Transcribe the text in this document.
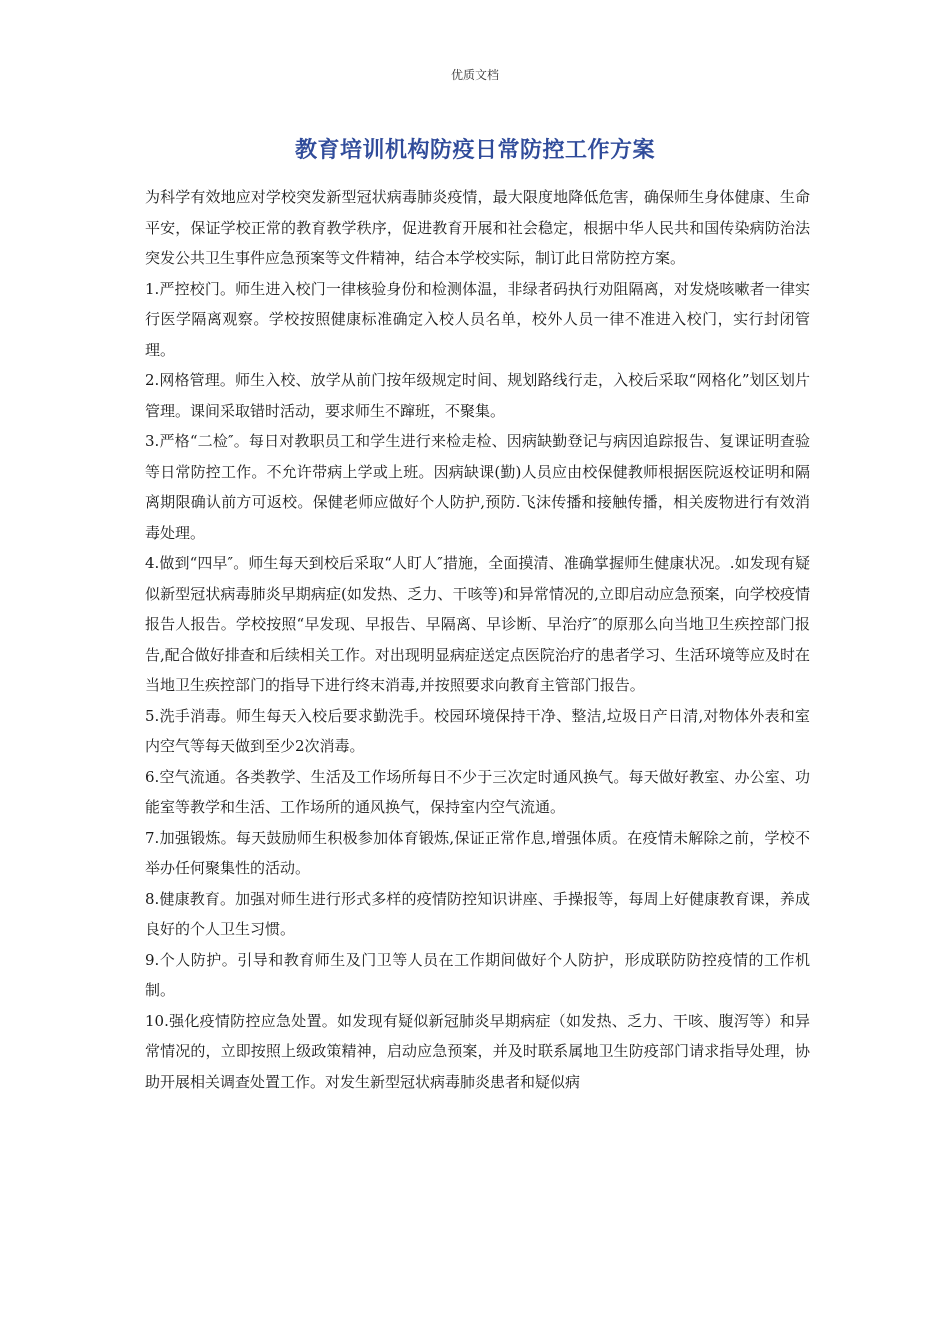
优质文档
教育培训机构防疫日常防控工作方案

为科学有效地应对学校突发新型冠状病毒肺炎疫情，最大限度地降低危害，确保师生身体健康、生命平安，保证学校正常的教育教学秩序，促进教育开展和社会稳定，根据中华人民共和国传染病防治法突发公共卫生事件应急预案等文件精神，结合本学校实际，制订此日常防控方案。

1.严控校门。师生进入校门一律核验身份和检测体温，非绿者码执行劝阻隔离，对发烧咳嗽者一律实行医学隔离观察。学校按照健康标准确定入校人员名单，校外人员一律不准进入校门，实行封闭管理。

2.网格管理。师生入校、放学从前门按年级规定时间、规划路线行走，入校后采取“网格化”划区划片管理。课间采取错时活动，要求师生不蹿班，不聚集。

3.严格“二检″。每日对教职员工和学生进行来检走检、因病缺勤登记与病因追踪报告、复课证明查验等日常防控工作。不允许带病上学或上班。因病缺课(勤)人员应由校保健教师根据医院返校证明和隔离期限确认前方可返校。保健老师应做好个人防护,预防.飞沫传播和接触传播，相关废物进行有效消毒处理。

4.做到“四早″。师生每天到校后采取“人盯人″措施，全面摸清、准确掌握师生健康状况。.如发现有疑似新型冠状病毒肺炎早期病症(如发热、乏力、干咳等)和异常情况的,立即启动应急预案，向学校疫情报告人报告。学校按照“早发现、早报告、早隔离、早诊断、早治疗″的原那么向当地卫生疾控部门报告,配合做好排查和后续相关工作。对出现明显病症送定点医院治疗的患者学习、生活环境等应及时在当地卫生疾控部门的指导下进行终末消毒,并按照要求向教育主管部门报告。

5.洗手消毒。师生每天入校后要求勤洗手。校园环境保持干净、整洁,垃圾日产日清,对物体外表和室内空气等每天做到至少2次消毒。

6.空气流通。各类教学、生活及工作场所每日不少于三次定时通风换气。每天做好教室、办公室、功能室等教学和生活、工作场所的通风换气，保持室内空气流通。

7.加强锻炼。每天鼓励师生积极参加体育锻炼,保证正常作息,增强体质。在疫情未解除之前，学校不举办任何聚集性的活动。

8.健康教育。加强对师生进行形式多样的疫情防控知识讲座、手操报等，每周上好健康教育课，养成良好的个人卫生习惯。

9.个人防护。引导和教育师生及门卫等人员在工作期间做好个人防护，形成联防防控疫情的工作机制。

10.强化疫情防控应急处置。如发现有疑似新冠肺炎早期病症（如发热、乏力、干咳、腹泻等）和异常情况的，立即按照上级政策精神，启动应急预案，并及时联系属地卫生防疫部门请求指导处理，协助开展相关调查处置工作。对发生新型冠状病毒肺炎患者和疑似病
